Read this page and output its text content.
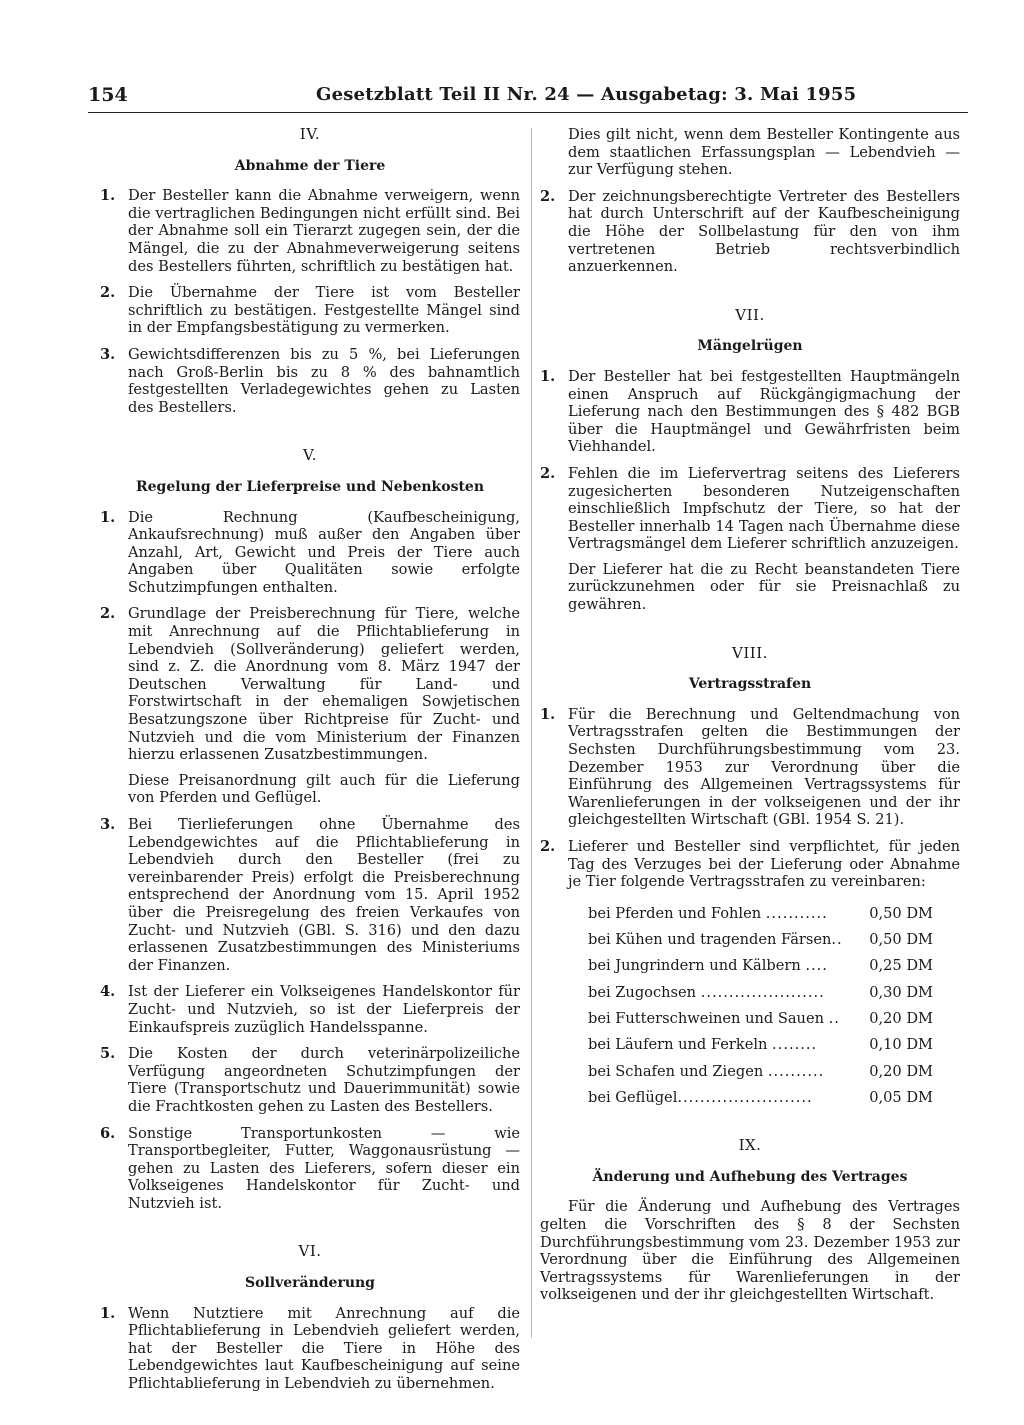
154	Gesetzblatt Teil II Nr. 24 — Ausgabetag: 3. Mai 1955

IV.

Abnahme der Tiere

1. Der Besteller kann die Abnahme verweigern, wenn die vertraglichen Bedingungen nicht erfüllt sind. Bei der Abnahme soll ein Tierarzt zugegen sein, der die Mängel, die zu der Abnahmeverweigerung seitens des Bestellers führten, schriftlich zu bestätigen hat.
2. Die Übernahme der Tiere ist vom Besteller schriftlich zu bestätigen. Festgestellte Mängel sind in der Empfangsbestätigung zu vermerken.
3. Gewichtsdifferenzen bis zu 5 %, bei Lieferungen nach Groß-Berlin bis zu 8 % des bahnamtlich festgestellten Verladegewichtes gehen zu Lasten des Bestellers.

V.

Regelung der Lieferpreise und Nebenkosten

1. Die Rechnung (Kaufbescheinigung, Ankaufsrechnung) muß außer den Angaben über Anzahl, Art, Gewicht und Preis der Tiere auch Angaben über Qualitäten sowie erfolgte Schutzimpfungen enthalten.
2. Grundlage der Preisberechnung für Tiere, welche mit Anrechnung auf die Pflichtablieferung in Lebendvieh (Sollveränderung) geliefert werden, sind z. Z. die Anordnung vom 8. März 1947 der Deutschen Verwaltung für Land- und Forstwirtschaft in der ehemaligen Sowjetischen Besatzungszone über Richtpreise für Zucht- und Nutzvieh und die vom Ministerium der Finanzen hierzu erlassenen Zusatzbestimmungen.

Diese Preisanordnung gilt auch für die Lieferung von Pferden und Geflügel.

3. Bei Tierlieferungen ohne Übernahme des Lebendgewichtes auf die Pflichtablieferung in Lebendvieh durch den Besteller (frei zu vereinbarender Preis) erfolgt die Preisberechnung entsprechend der Anordnung vom 15. April 1952 über die Preisregelung des freien Verkaufes von Zucht- und Nutzvieh (GBl. S. 316) und den dazu erlassenen Zusatzbestimmungen des Ministeriums der Finanzen.
4. Ist der Lieferer ein Volkseigenes Handelskontor für Zucht- und Nutzvieh, so ist der Lieferpreis der Einkaufspreis zuzüglich Handelsspanne.
5. Die Kosten der durch veterinärpolizeiliche Verfügung angeordneten Schutzimpfungen der Tiere (Transportschutz und Dauerimmunität) sowie die Frachtkosten gehen zu Lasten des Bestellers.
6. Sonstige Transportunkosten — wie Transportbegleiter, Futter, Waggonausrüstung — gehen zu Lasten des Lieferers, sofern dieser ein Volkseigenes Handelskontor für Zucht- und Nutzvieh ist.

VI.

Sollveränderung

1. Wenn Nutztiere mit Anrechnung auf die Pflichtablieferung in Lebendvieh geliefert werden, hat der Besteller die Tiere in Höhe des Lebendgewichtes laut Kaufbescheinigung auf seine Pflichtablieferung in Lebendvieh zu übernehmen.

Dies gilt nicht, wenn dem Besteller Kontingente aus dem staatlichen Erfassungsplan — Lebendvieh — zur Verfügung stehen.

2. Der zeichnungsberechtigte Vertreter des Bestellers hat durch Unterschrift auf der Kaufbescheinigung die Höhe der Sollbelastung für den von ihm vertretenen Betrieb rechtsverbindlich anzuerkennen.

VII.

Mängelrügen

1. Der Besteller hat bei festgestellten Hauptmängeln einen Anspruch auf Rückgängigmachung der Lieferung nach den Bestimmungen des § 482 BGB über die Hauptmängel und Gewährfristen beim Viehhandel.
2. Fehlen die im Liefervertrag seitens des Lieferers zugesicherten besonderen Nutzeigenschaften einschließlich Impfschutz der Tiere, so hat der Besteller innerhalb 14 Tagen nach Übernahme diese Vertragsmängel dem Lieferer schriftlich anzuzeigen.

Der Lieferer hat die zu Recht beanstandeten Tiere zurückzunehmen oder für sie Preisnachlaß zu gewähren.

VIII.

Vertragsstrafen

1. Für die Berechnung und Geltendmachung von Vertragsstrafen gelten die Bestimmungen der Sechsten Durchführungsbestimmung vom 23. Dezember 1953 zur Verordnung über die Einführung des Allgemeinen Vertragssystems für Warenlieferungen in der volkseigenen und der ihr gleichgestellten Wirtschaft (GBl. 1954 S. 21).
2. Lieferer und Besteller sind verpflichtet, für jeden Tag des Verzuges bei der Lieferung oder Abnahme je Tier folgende Vertragsstrafen zu vereinbaren:
bei Pferden und Fohlen ...........	0,50 DM
bei Kühen und tragenden Färsen..	0,50 DM
bei Jungrindern und Kälbern ....	0,25 DM
bei Zugochsen ......................	0,30 DM
bei Futterschweinen und Sauen ..	0,20 DM
bei Läufern und Ferkeln ........	0,10 DM
bei Schafen und Ziegen ..........	0,20 DM
bei Geflügel........................	0,05 DM

IX.

Änderung und Aufhebung des Vertrages

Für die Änderung und Aufhebung des Vertrages gelten die Vorschriften des § 8 der Sechsten Durchführungsbestimmung vom 23. Dezember 1953 zur Verordnung über die Einführung des Allgemeinen Vertragssystems für Warenlieferungen in der volkseigenen und der ihr gleichgestellten Wirtschaft.
